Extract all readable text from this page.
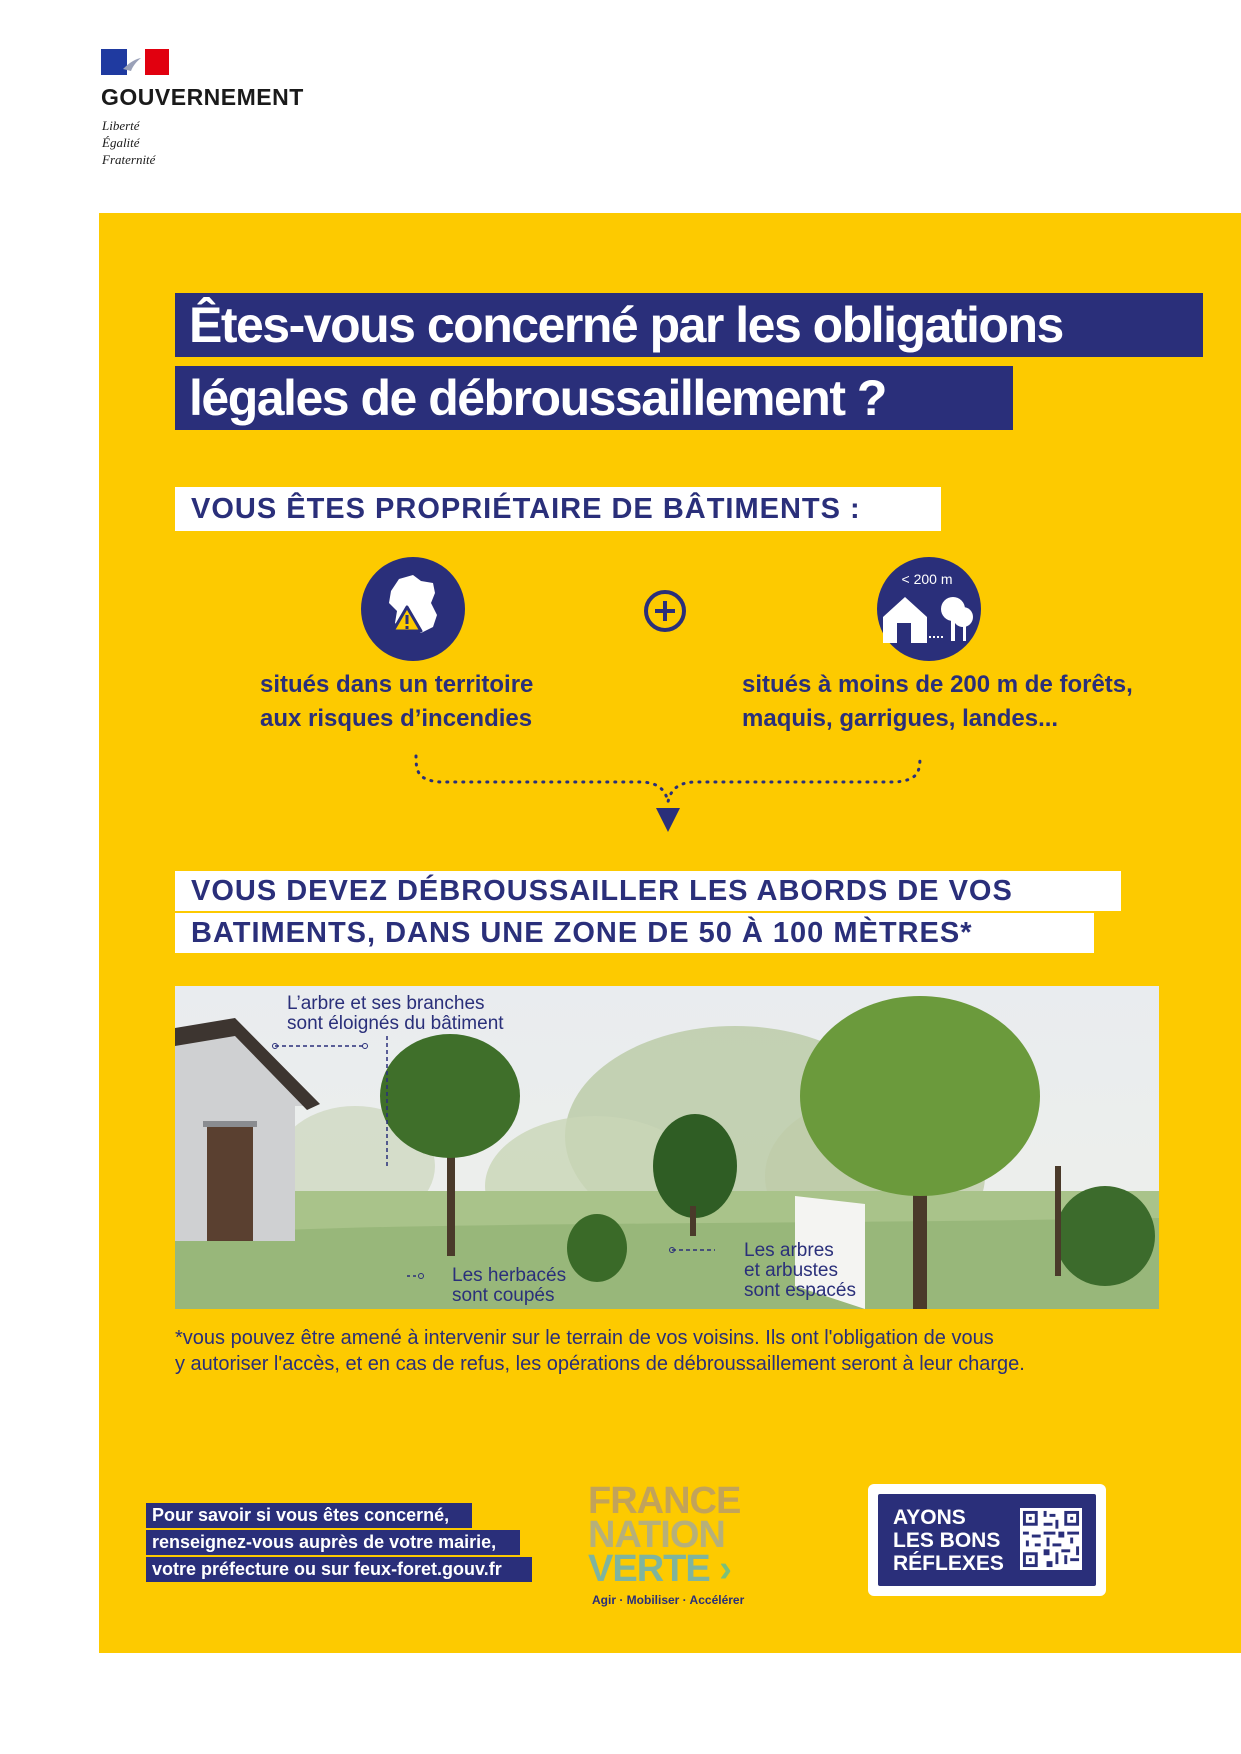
GOUVERNEMENT
Liberté
Égalité
Fraternité
Êtes-vous concerné par les obligations
légales de débroussaillement ?
VOUS ÊTES PROPRIÉTAIRE DE BÂTIMENTS :
< 200 m
situés dans un territoire
aux risques d’incendies
situés à moins de 200 m de forêts,
maquis, garrigues, landes...
VOUS DEVEZ DÉBROUSSAILLER LES ABORDS DE VOS
BATIMENTS, DANS UNE ZONE DE 50 À 100 MÈTRES*
L’arbre et ses branches
sont éloignés du bâtiment
Les herbacés
sont coupés
Les arbres
et arbustes
sont espacés
*vous pouvez être amené à intervenir sur le terrain de vos voisins. Ils ont l'obligation de vous
y autoriser l'accès, et en cas de refus, les opérations de débroussaillement seront à leur charge.
Pour savoir si vous êtes concerné,
renseignez-vous auprès de votre mairie,
votre préfecture ou sur feux-foret.gouv.fr
FRANCE
NATION
VERTE ›
Agir · Mobiliser · Accélérer
AYONS
LES BONS
RÉFLEXES
